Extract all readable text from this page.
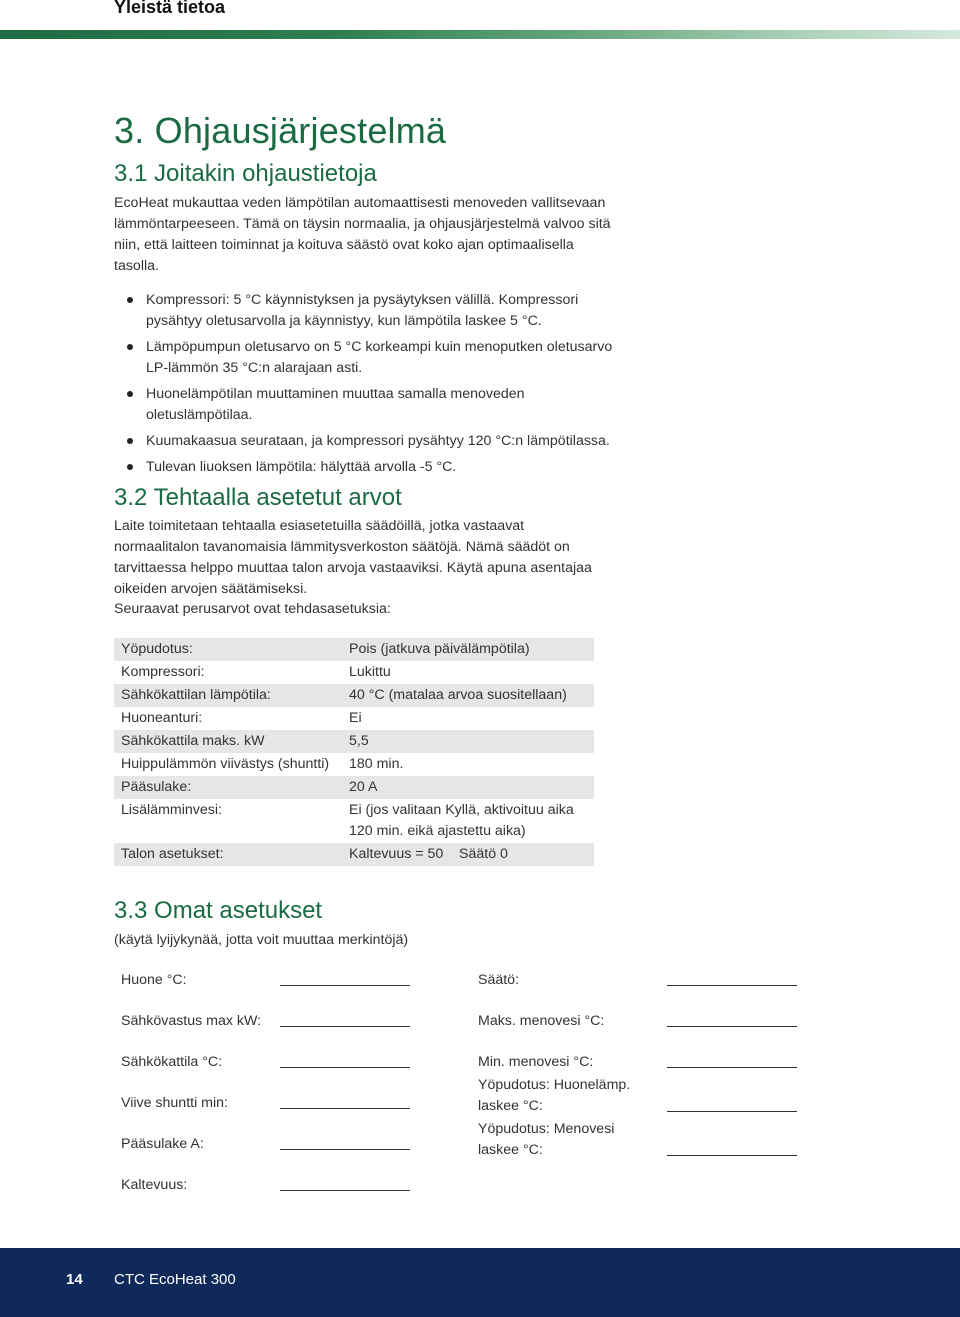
Yleistä tietoa
3. Ohjausjärjestelmä
3.1 Joitakin ohjaustietoja
EcoHeat mukauttaa veden lämpötilan automaattisesti menoveden vallitsevaan lämmöntarpeeseen. Tämä on täysin normaalia, ja ohjausjärjestelmä valvoo sitä niin, että laitteen toiminnat ja koituva säästö ovat koko ajan optimaalisella tasolla.
Kompressori: 5 °C käynnistyksen ja pysäytyksen välillä. Kompressori pysähtyy oletusarvolla ja käynnistyy, kun lämpötila laskee 5 °C.
Lämpöpumpun oletusarvo on 5 °C korkeampi kuin menoputken oletusarvo LP-lämmön 35 °C:n alarajaan asti.
Huonelämpötilan muuttaminen muuttaa samalla menoveden oletuslämpötilaa.
Kuumakaasua seurataan, ja kompressori pysähtyy 120 °C:n lämpötilassa.
Tulevan liuoksen lämpötila: hälyttää arvolla -5 °C.
3.2 Tehtaalla asetetut arvot
Laite toimitetaan tehtaalla esiasetetuilla säädöillä, jotka vastaavat normaalitalon tavanomaisia lämmitysverkoston säätöjä. Nämä säädöt on tarvittaessa helppo muuttaa talon arvoja vastaaviksi. Käytä apuna asentajaa oikeiden arvojen säätämiseksi.
Seuraavat perusarvot ovat tehdasasetuksia:
Yöpudotus:	Pois (jatkuva päivälämpötila)
Kompressori:	Lukittu
Sähkökattilan lämpötila:	40 °C (matalaa arvoa suositellaan)
Huoneanturi:	Ei
Sähkökattila maks. kW	5,5
Huippulämmön viivästys (shuntti)	180 min.
Pääsulake:	20 A
Lisälämminvesi:	Ei (jos valitaan Kyllä, aktivoituu aika 120 min. eikä ajastettu aika)
Talon asetukset:	Kaltevuus = 50    Säätö 0
3.3 Omat asetukset
(käytä lyijykynää, jotta voit muuttaa merkintöjä)
Huone °C:
Sähkövastus max kW:
Sähkökattila °C:
Viive shuntti min:
Pääsulake A:
Kaltevuus:
Säätö:
Maks. menovesi °C:
Min. menovesi °C:
Yöpudotus: Huonelämp. laskee °C:
Yöpudotus: Menovesi laskee °C:
14 CTC EcoHeat 300
